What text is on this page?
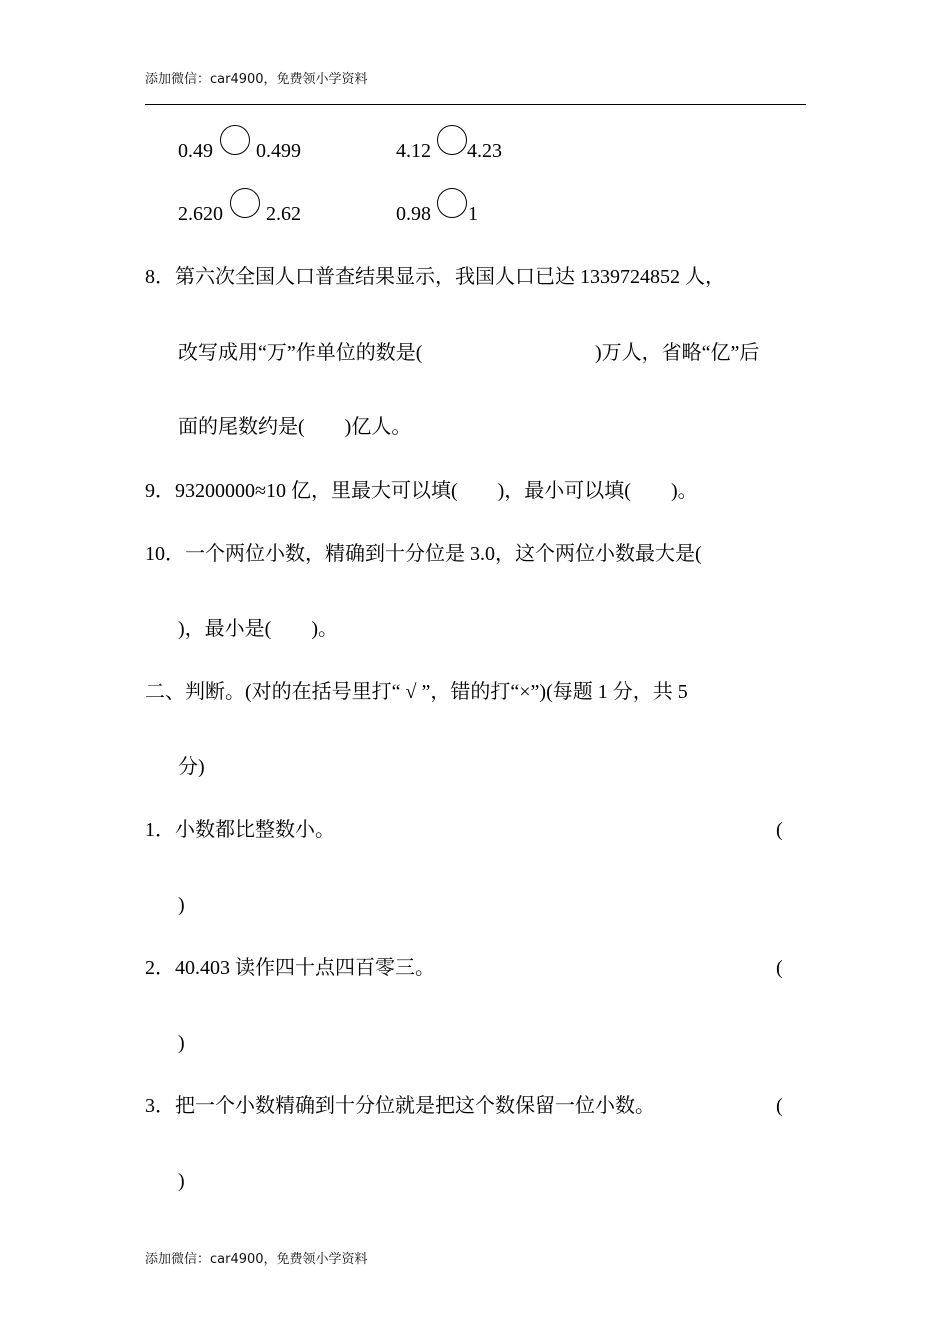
添加微信：car4900，免费领小学资料
0.49 0.499	4.12 4.23
2.620 2.62	0.98 1
8．第六次全国人口普查结果显示，我国人口已达 1339724852 人，
改写成用“万”作单位的数是(	)万人，省略“亿”后
面的尾数约是(  )亿人。
9．93200000≈10 亿，里最大可以填(  )，最小可以填(  )。
10．一个两位小数，精确到十分位是 3.0，这个两位小数最大是(
)，最小是(  )。
二、判断。(对的在括号里打“ √ ”，错的打“×”)(每题 1 分，共 5
分)
1．小数都比整数小。	(
)
2．40.403 读作四十点四百零三。	(
)
3．把一个小数精确到十分位就是把这个数保留一位小数。	(
)
添加微信：car4900，免费领小学资料
